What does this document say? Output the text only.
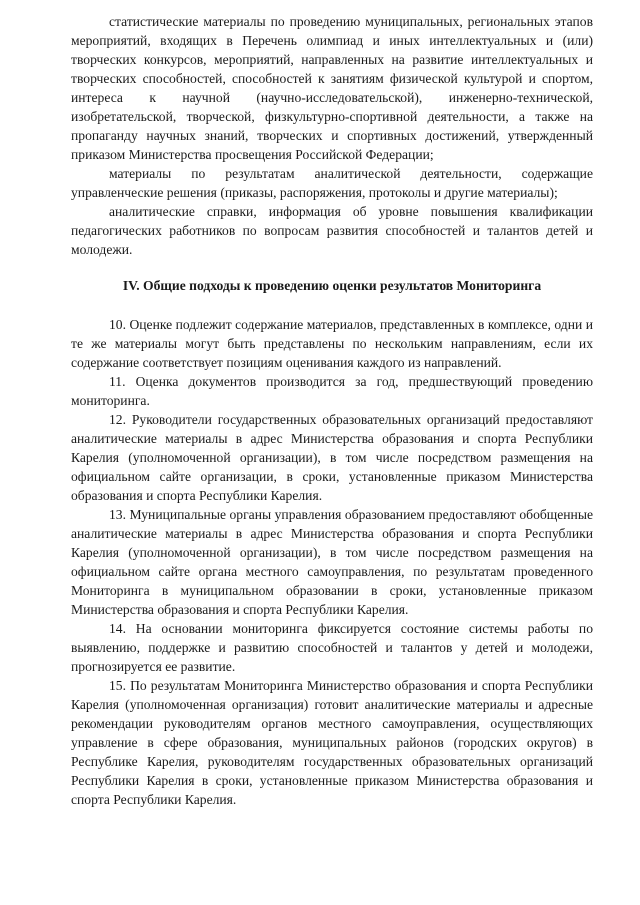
статистические материалы по проведению муниципальных, региональных этапов мероприятий, входящих в Перечень олимпиад и иных интеллектуальных и (или) творческих конкурсов, мероприятий, направленных на развитие интеллектуальных и творческих способностей, способностей к занятиям физической культурой и спортом, интереса к научной (научно-исследовательской), инженерно-технической, изобретательской, творческой, физкультурно-спортивной деятельности, а также на пропаганду научных знаний, творческих и спортивных достижений, утвержденный приказом Министерства просвещения Российской Федерации;

материалы по результатам аналитической деятельности, содержащие управленческие решения (приказы, распоряжения, протоколы и другие материалы);

аналитические справки, информация об уровне повышения квалификации педагогических работников по вопросам развития способностей и талантов детей и молодежи.

IV. Общие подходы к проведению оценки результатов Мониторинга

10. Оценке подлежит содержание материалов, представленных в комплексе, одни и те же материалы могут быть представлены по нескольким направлениям, если их содержание соответствует позициям оценивания каждого из направлений.

11. Оценка документов производится за год, предшествующий проведению мониторинга.

12. Руководители государственных образовательных организаций предоставляют аналитические материалы в адрес Министерства образования и спорта Республики Карелия (уполномоченной организации), в том числе посредством размещения на официальном сайте организации, в сроки, установленные приказом Министерства образования и спорта Республики Карелия.

13. Муниципальные органы управления образованием предоставляют обобщенные аналитические материалы в адрес Министерства образования и спорта Республики Карелия (уполномоченной организации), в том числе посредством размещения на официальном сайте органа местного самоуправления, по результатам проведенного Мониторинга в муниципальном образовании в сроки, установленные приказом Министерства образования и спорта Республики Карелия.

14. На основании мониторинга фиксируется состояние системы работы по выявлению, поддержке и развитию способностей и талантов у детей и молодежи, прогнозируется ее развитие.

15. По результатам Мониторинга Министерство образования и спорта Республики Карелия (уполномоченная организация) готовит аналитические материалы и адресные рекомендации руководителям органов местного самоуправления, осуществляющих управление в сфере образования, муниципальных районов (городских округов) в Республике Карелия, руководителям государственных образовательных организаций Республики Карелия в сроки, установленные приказом Министерства образования и спорта Республики Карелия.
